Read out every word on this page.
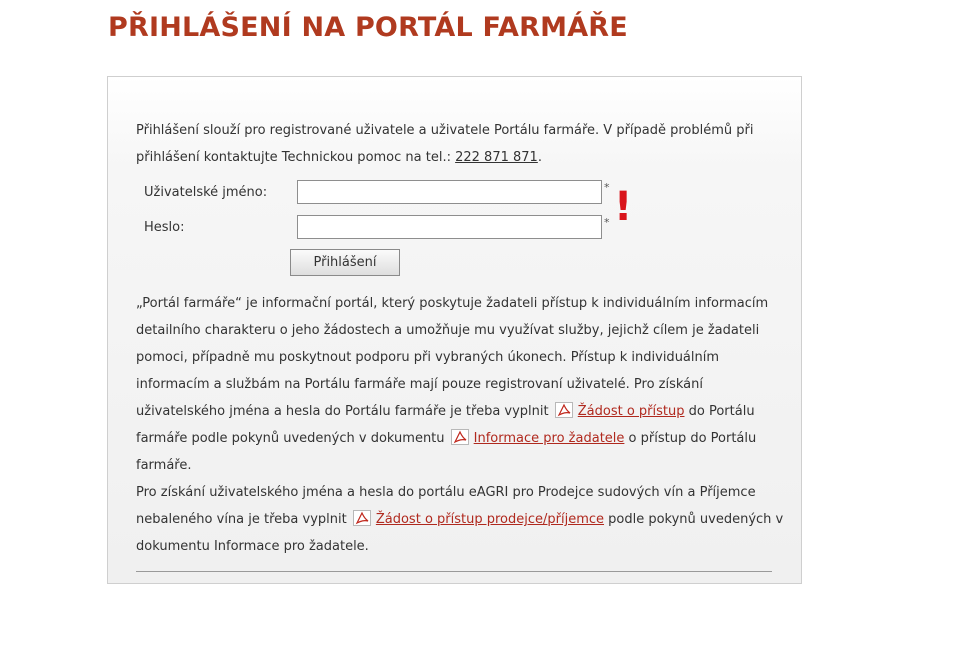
PŘIHLÁŠENÍ NA PORTÁL FARMÁŘE

Přihlášení slouží pro registrované uživatele a uživatele Portálu farmáře. V případě problémů při přihlášení kontaktujte Technickou pomoc na tel.: 222 871 871.

Uživatelské jméno:	*
Heslo:	* !
Přihlášení

„Portál farmáře“ je informační portál, který poskytuje žadateli přístup k individuálním informacím detailního charakteru o jeho žádostech a umožňuje mu využívat služby, jejichž cílem je žadateli pomoci, případně mu poskytnout podporu při vybraných úkonech. Přístup k individuálním informacím a službám na Portálu farmáře mají pouze registrovaní uživatelé. Pro získání uživatelského jména a hesla do Portálu farmáře je třeba vyplnit Žádost o přístup do Portálu farmáře podle pokynů uvedených v dokumentu Informace pro žadatele o přístup do Portálu farmáře.
Pro získání uživatelského jména a hesla do portálu eAGRI pro Prodejce sudových vín a Příjemce nebaleného vína je třeba vyplnit Žádost o přístup prodejce/příjemce podle pokynů uvedených v dokumentu Informace pro žadatele.
